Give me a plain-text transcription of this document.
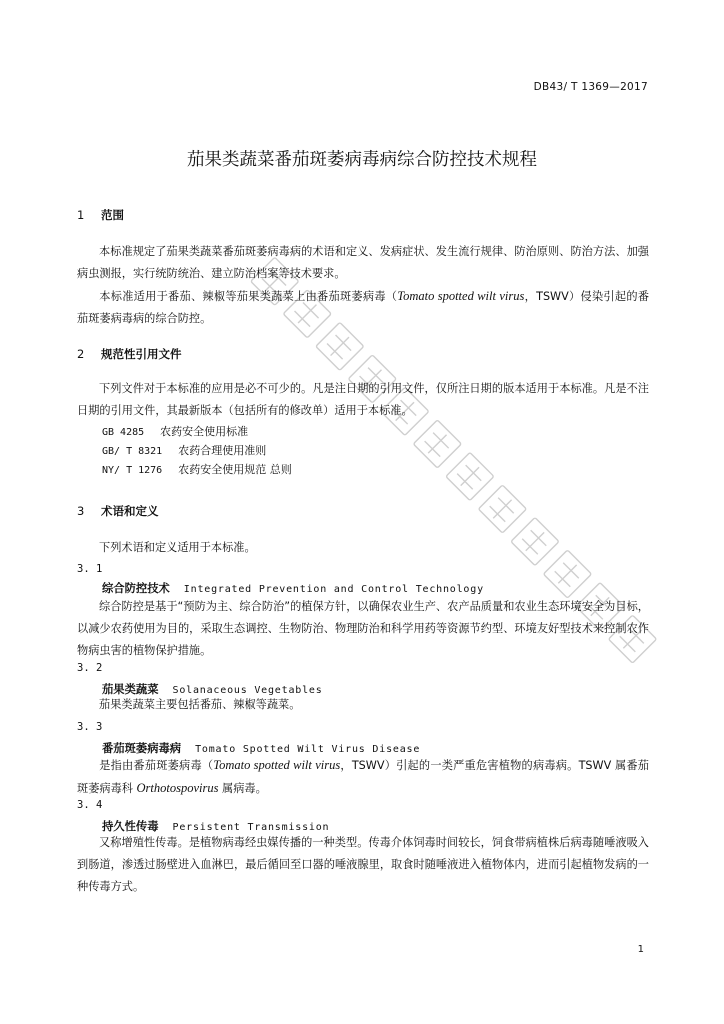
DB43/ T 1369—2017
茄果类蔬菜番茄斑萎病毒病综合防控技术规程
1 范围
本标准规定了茄果类蔬菜番茄斑萎病毒病的术语和定义、发病症状、发生流行规律、防治原则、防治方法、加强病虫测报，实行统防统治、建立防治档案等技术要求。
本标准适用于番茄、辣椒等茄果类蔬菜上由番茄斑萎病毒（Tomato spotted wilt virus，TSWV）侵染引起的番茄斑萎病毒病的综合防控。
2 规范性引用文件
下列文件对于本标准的应用是必不可少的。凡是注日期的引用文件，仅所注日期的版本适用于本标准。凡是不注日期的引用文件，其最新版本（包括所有的修改单）适用于本标准。
GB 4285 农药安全使用标准
GB/ T 8321 农药合理使用准则
NY/ T 1276 农药安全使用规范 总则
3 术语和定义
下列术语和定义适用于本标准。
3. 1
综合防控技术 Integrated Prevention and Control Technology
综合防控是基于“预防为主、综合防治”的植保方针，以确保农业生产、农产品质量和农业生态环境安全为目标，以减少农药使用为目的，采取生态调控、生物防治、物理防治和科学用药等资源节约型、环境友好型技术来控制农作物病虫害的植物保护措施。
3. 2
茄果类蔬菜 Solanaceous Vegetables
茄果类蔬菜主要包括番茄、辣椒等蔬菜。
3. 3
番茄斑萎病毒病 Tomato Spotted Wilt Virus Disease
是指由番茄斑萎病毒（Tomato spotted wilt virus，TSWV）引起的一类严重危害植物的病毒病。TSWV 属番茄斑萎病毒科 Orthotospovirus 属病毒。
3. 4
持久性传毒 Persistent Transmission
又称增殖性传毒。是植物病毒经虫媒传播的一种类型。传毒介体饲毒时间较长，饲食带病植株后病毒随唾液吸入到肠道，渗透过肠壁进入血淋巴，最后循回至口器的唾液腺里，取食时随唾液进入植物体内，进而引起植物发病的一种传毒方式。
1
